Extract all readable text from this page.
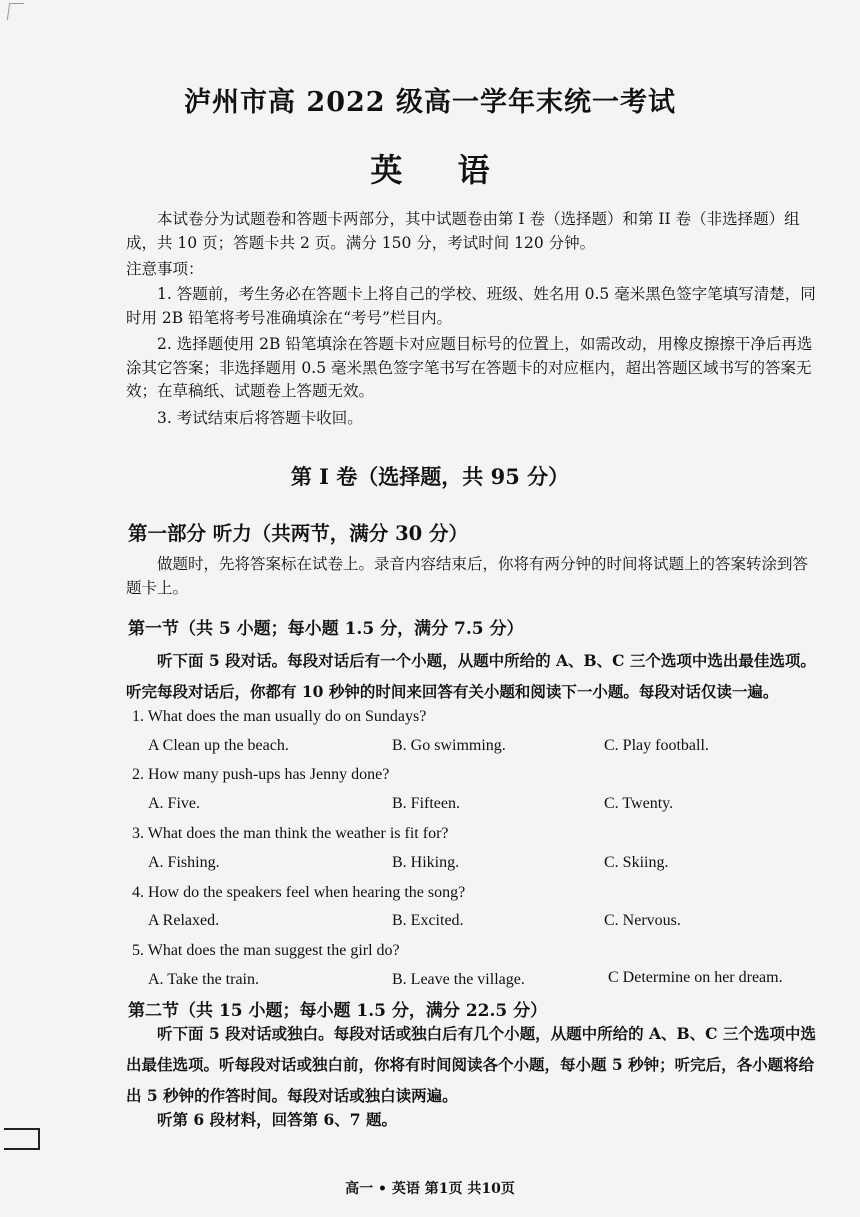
泸州市高 2022 级高一学年末统一考试
英 语
本试卷分为试题卷和答题卡两部分，其中试题卷由第 I 卷（选择题）和第 II 卷（非选择题）组成，共 10 页；答题卡共 2 页。满分 150 分，考试时间 120 分钟。
注意事项：
1. 答题前，考生务必在答题卡上将自己的学校、班级、姓名用 0.5 毫米黑色签字笔填写清楚，同时用 2B 铅笔将考号准确填涂在“考号”栏目内。
2. 选择题使用 2B 铅笔填涂在答题卡对应题目标号的位置上，如需改动，用橡皮擦擦干净后再选涂其它答案；非选择题用 0.5 毫米黑色签字笔书写在答题卡的对应框内，超出答题区域书写的答案无效；在草稿纸、试题卷上答题无效。
3. 考试结束后将答题卡收回。
第 I 卷（选择题，共 95 分）
第一部分 听力（共两节，满分 30 分）
做题时，先将答案标在试卷上。录音内容结束后，你将有两分钟的时间将试题上的答案转涂到答题卡上。
第一节（共 5 小题；每小题 1.5 分，满分 7.5 分）
听下面 5 段对话。每段对话后有一个小题，从题中所给的 A、B、C 三个选项中选出最佳选项。听完每段对话后，你都有 10 秒钟的时间来回答有关小题和阅读下一小题。每段对话仅读一遍。
1. What does the man usually do on Sundays?
A Clean up the beach.	B. Go swimming.	C. Play football.
2. How many push-ups has Jenny done?
A. Five.	B. Fifteen.	C. Twenty.
3. What does the man think the weather is fit for?
A. Fishing.	B. Hiking.	C. Skiing.
4. How do the speakers feel when hearing the song?
A Relaxed.	B. Excited.	C. Nervous.
5. What does the man suggest the girl do?
A. Take the train.	B. Leave the village.	C Determine on her dream.
第二节（共 15 小题；每小题 1.5 分，满分 22.5 分）
听下面 5 段对话或独白。每段对话或独白后有几个小题，从题中所给的 A、B、C 三个选项中选出最佳选项。听每段对话或独白前，你将有时间阅读各个小题，每小题 5 秒钟；听完后，各小题将给出 5 秒钟的作答时间。每段对话或独白读两遍。
听第 6 段材料，回答第 6、7 题。
高一 • 英语 第1页 共10页
